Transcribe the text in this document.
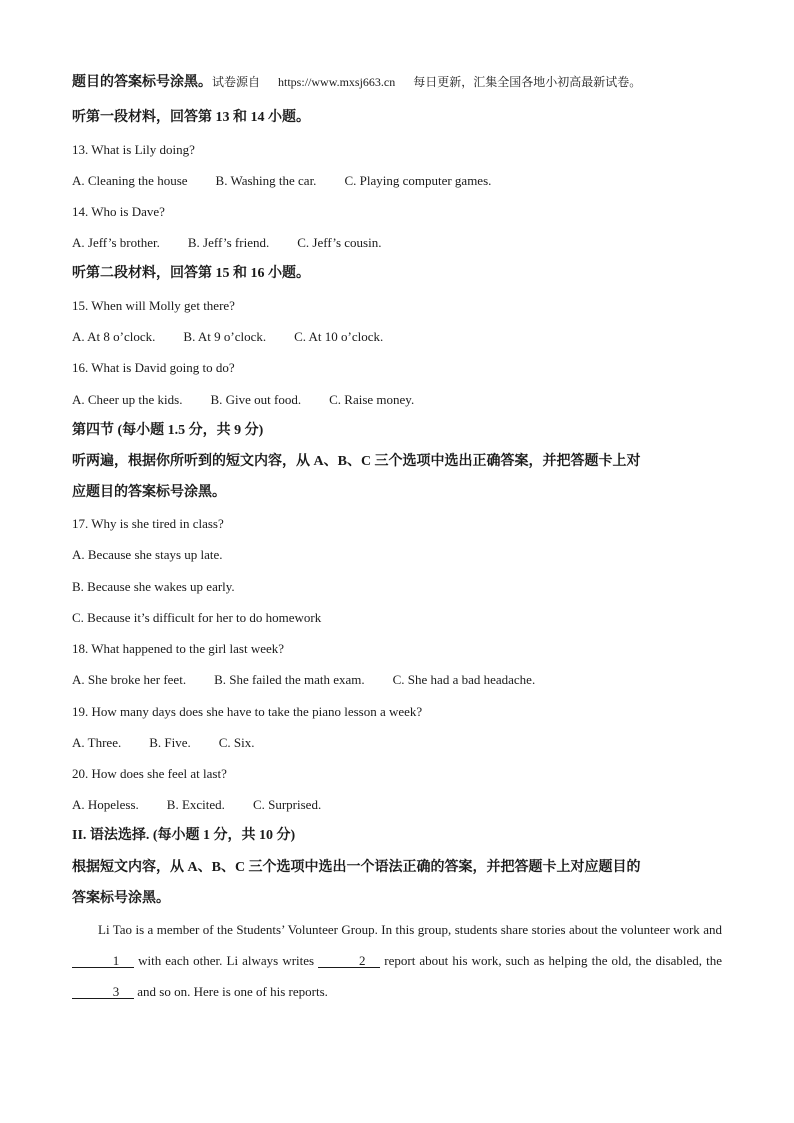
题目的答案标号涂黑。试卷源自 https://www.mxsj663.cn 每日更新，汇集全国各地小初高最新试卷。
听第一段材料，回答第 13 和 14 小题。
13. What is Lily doing?
A. Cleaning the house B. Washing the car. C. Playing computer games.
14. Who is Dave?
A. Jeff’s brother. B. Jeff’s friend. C. Jeff’s cousin.
听第二段材料，回答第 15 和 16 小题。
15. When will Molly get there?
A. At 8 o’clock. B. At 9 o’clock. C. At 10 o’clock.
16. What is David going to do?
A. Cheer up the kids. B. Give out food. C. Raise money.
第四节 (每小题 1.5 分，共 9 分)
听两遍，根据你所听到的短文内容，从 A、B、C 三个选项中选出正确答案，并把答题卡上对
应题目的答案标号涂黑。
17. Why is she tired in class?
A. Because she stays up late.
B. Because she wakes up early.
C. Because it’s difficult for her to do homework
18. What happened to the girl last week?
A. She broke her feet. B. She failed the math exam. C. She had a bad headache.
19. How many days does she have to take the piano lesson a week?
A. Three. B. Five. C. Six.
20. How does she feel at last?
A. Hopeless. B. Excited. C. Surprised.
II. 语法选择. (每小题 1 分，共 10 分)
根据短文内容，从 A、B、C 三个选项中选出一个语法正确的答案，并把答题卡上对应题目的
答案标号涂黑。
Li Tao is a member of the Students’ Volunteer Group. In this group, students share stories about the volunteer work and 1 with each other. Li always writes	2 report about his work, such as helping the old, the disabled, the 3 and so on. Here is one of his reports.
